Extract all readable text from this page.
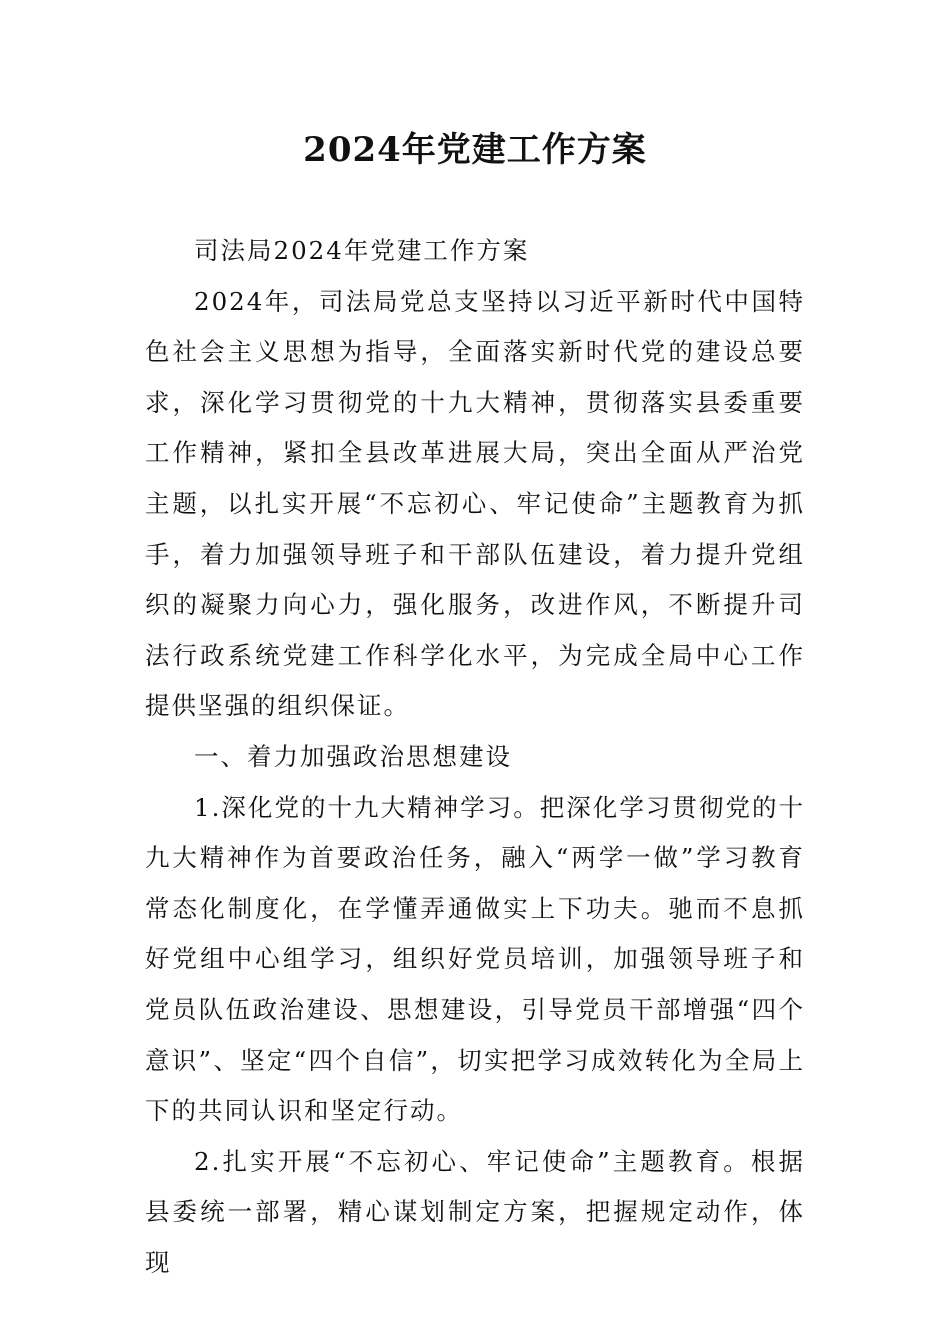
2024年党建工作方案

司法局2024年党建工作方案

2024年，司法局党总支坚持以习近平新时代中国特色社会主义思想为指导，全面落实新时代党的建设总要求，深化学习贯彻党的十九大精神，贯彻落实县委重要工作精神，紧扣全县改革进展大局，突出全面从严治党主题，以扎实开展“不忘初心、牢记使命”主题教育为抓手，着力加强领导班子和干部队伍建设，着力提升党组织的凝聚力向心力，强化服务，改进作风，不断提升司法行政系统党建工作科学化水平，为完成全局中心工作提供坚强的组织保证。

一、着力加强政治思想建设

1.深化党的十九大精神学习。把深化学习贯彻党的十九大精神作为首要政治任务，融入“两学一做”学习教育常态化制度化，在学懂弄通做实上下功夫。驰而不息抓好党组中心组学习，组织好党员培训，加强领导班子和党员队伍政治建设、思想建设，引导党员干部增强“四个意识”、坚定“四个自信”，切实把学习成效转化为全局上下的共同认识和坚定行动。

2.扎实开展“不忘初心、牢记使命”主题教育。根据县委统一部署，精心谋划制定方案，把握规定动作，体现
